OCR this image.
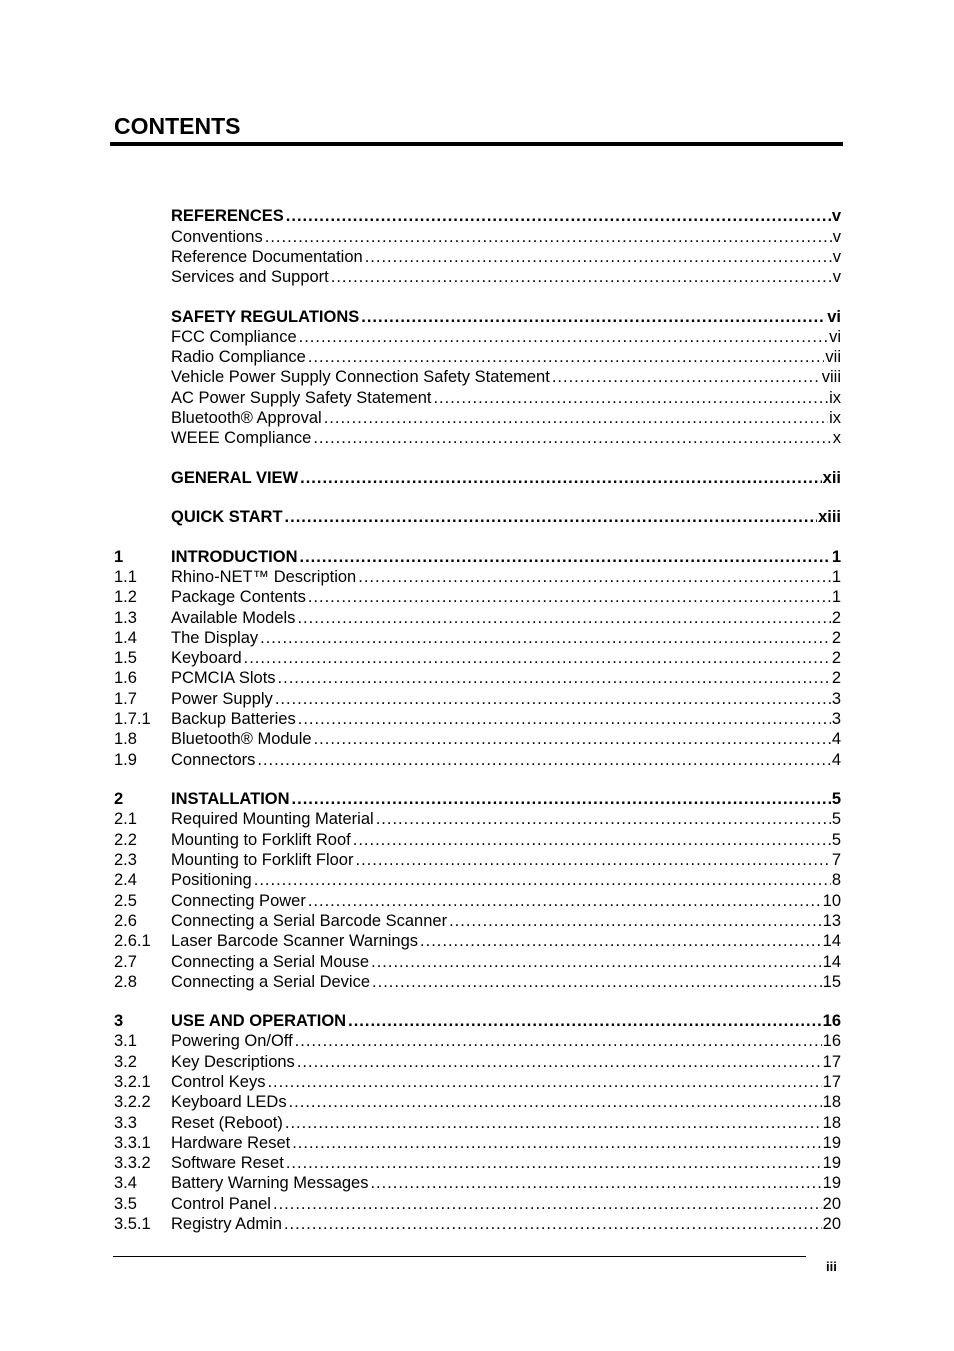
CONTENTS
REFERENCES .....	v
Conventions .....	v
Reference Documentation .....	v
Services and Support .....	v
SAFETY REGULATIONS .....	vi
FCC Compliance .....	vi
Radio Compliance .....	vii
Vehicle Power Supply Connection Safety Statement .....	viii
AC Power Supply Safety Statement .....	ix
Bluetooth® Approval .....	ix
WEEE Compliance .....	x
GENERAL VIEW .....	xii
QUICK START .....	xiii
1	INTRODUCTION .....	1
1.1 Rhino-NET™ Description .....	1
1.2 Package Contents .....	1
1.3 Available Models .....	2
1.4 The Display .....	2
1.5 Keyboard .....	2
1.6 PCMCIA Slots .....	2
1.7 Power Supply .....	3
1.7.1 Backup Batteries .....	3
1.8 Bluetooth® Module .....	4
1.9 Connectors .....	4
2	INSTALLATION .....	5
2.1 Required Mounting Material .....	5
2.2 Mounting to Forklift Roof .....	5
2.3 Mounting to Forklift Floor .....	7
2.4 Positioning .....	8
2.5 Connecting Power .....	10
2.6 Connecting a Serial Barcode Scanner .....	13
2.6.1 Laser Barcode Scanner Warnings .....	14
2.7 Connecting a Serial Mouse .....	14
2.8 Connecting a Serial Device .....	15
3	USE AND OPERATION .....	16
3.1 Powering On/Off .....	16
3.2 Key Descriptions .....	17
3.2.1 Control Keys .....	17
3.2.2 Keyboard LEDs .....	18
3.3 Reset (Reboot) .....	18
3.3.1 Hardware Reset .....	19
3.3.2 Software Reset .....	19
3.4 Battery Warning Messages .....	19
3.5 Control Panel .....	20
3.5.1 Registry Admin .....	20
iii
